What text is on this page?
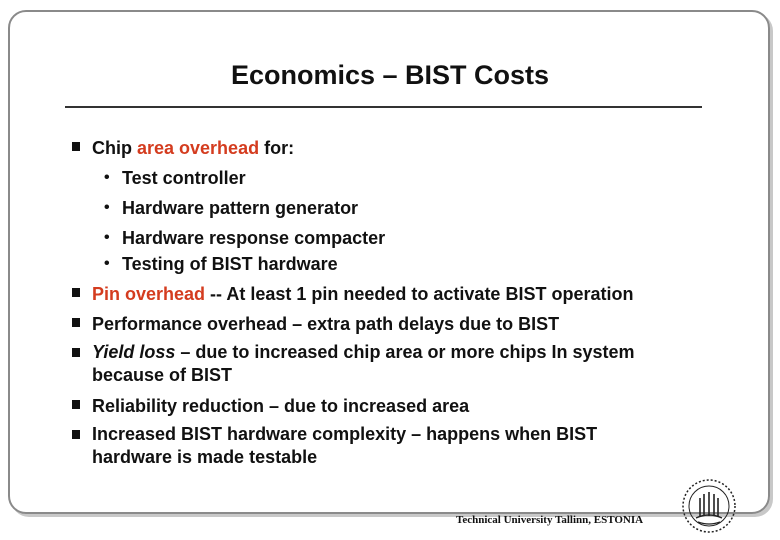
Economics – BIST Costs
Chip area overhead for:
• Test controller
• Hardware pattern generator
• Hardware response compacter
• Testing of BIST hardware
Pin overhead -- At least 1 pin needed to activate BIST operation
Performance overhead – extra path delays due to BIST
Yield loss – due to increased chip area or more chips In system
because of BIST
Reliability reduction – due to increased area
Increased BIST hardware complexity – happens when BIST
hardware is made testable
Technical University Tallinn, ESTONIA
